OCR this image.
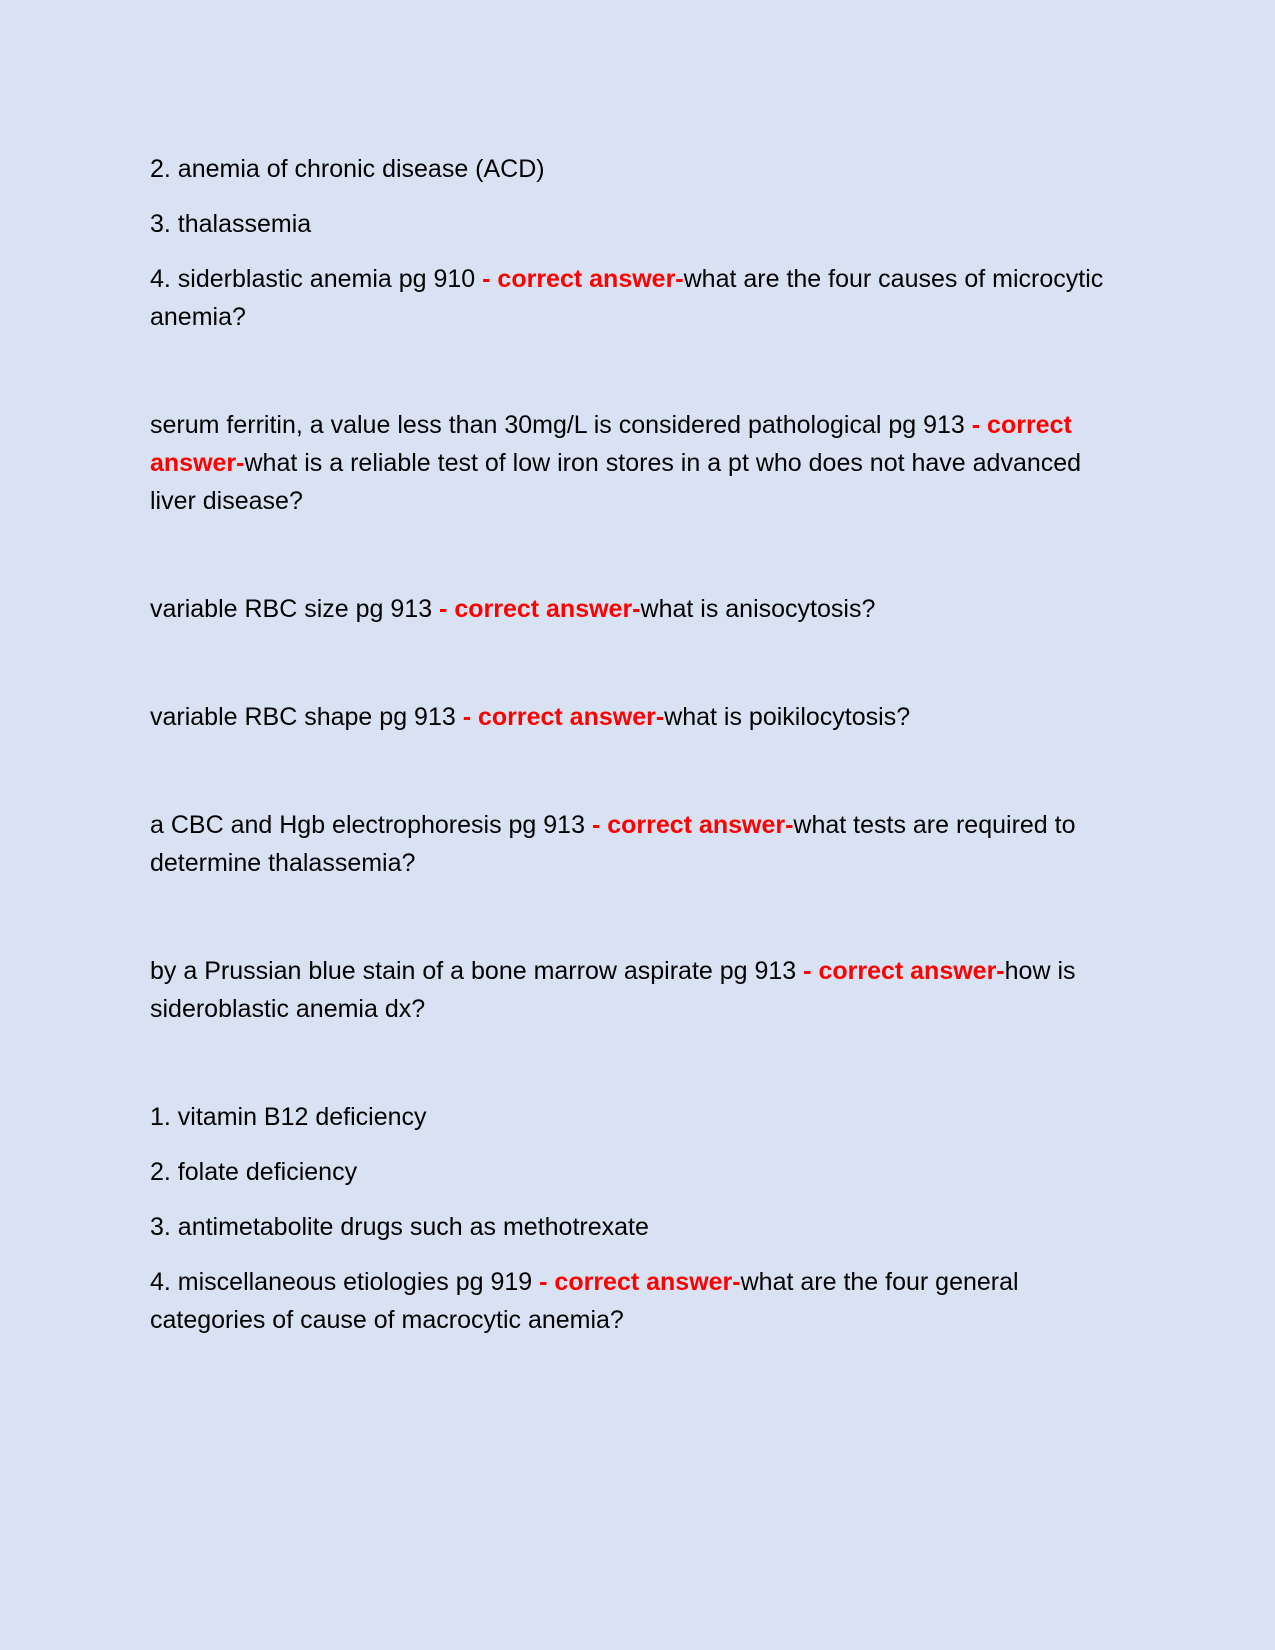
2. anemia of chronic disease (ACD)

3. thalassemia

4. siderblastic anemia pg 910 - correct answer-what are the four causes of microcytic anemia?

serum ferritin, a value less than 30mg/L is considered pathological pg 913 - correct answer-what is a reliable test of low iron stores in a pt who does not have advanced liver disease?

variable RBC size pg 913 - correct answer-what is anisocytosis?

variable RBC shape pg 913 - correct answer-what is poikilocytosis?

a CBC and Hgb electrophoresis pg 913 - correct answer-what tests are required to determine thalassemia?

by a Prussian blue stain of a bone marrow aspirate pg 913 - correct answer-how is sideroblastic anemia dx?

1. vitamin B12 deficiency

2. folate deficiency

3. antimetabolite drugs such as methotrexate

4. miscellaneous etiologies pg 919 - correct answer-what are the four general categories of cause of macrocytic anemia?
